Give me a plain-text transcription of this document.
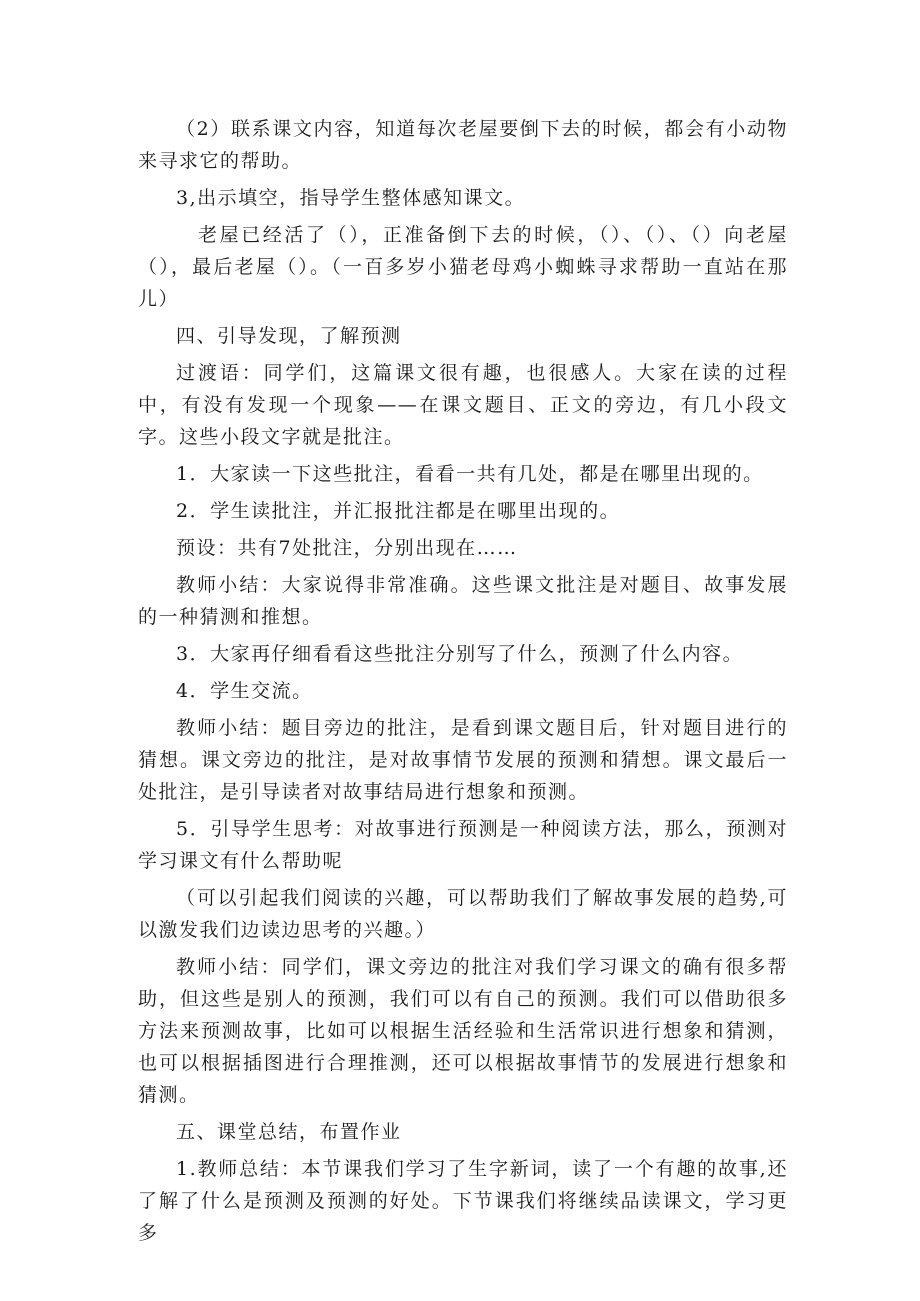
（2）联系课文内容，知道每次老屋要倒下去的时候，都会有小动物来寻求它的帮助。

3,出示填空，指导学生整体感知课文。

老屋已经活了（），正准备倒下去的时候，（）、（）、（）向老屋（），最后老屋（）。（一百多岁小猫老母鸡小蜘蛛寻求帮助一直站在那儿）

四、引导发现，了解预测

过渡语：同学们，这篇课文很有趣，也很感人。大家在读的过程中，有没有发现一个现象——在课文题目、正文的旁边，有几小段文字。这些小段文字就是批注。

1．大家读一下这些批注，看看一共有几处，都是在哪里出现的。

2．学生读批注，并汇报批注都是在哪里出现的。

预设：共有7处批注，分别出现在……

教师小结：大家说得非常准确。这些课文批注是对题目、故事发展的一种猜测和推想。

3．大家再仔细看看这些批注分别写了什么，预测了什么内容。

4．学生交流。

教师小结：题目旁边的批注，是看到课文题目后，针对题目进行的猜想。课文旁边的批注，是对故事情节发展的预测和猜想。课文最后一处批注，是引导读者对故事结局进行想象和预测。

5．引导学生思考：对故事进行预测是一种阅读方法，那么，预测对学习课文有什么帮助呢

（可以引起我们阅读的兴趣，可以帮助我们了解故事发展的趋势,可以激发我们边读边思考的兴趣。）

教师小结：同学们，课文旁边的批注对我们学习课文的确有很多帮助，但这些是别人的预测，我们可以有自己的预测。我们可以借助很多方法来预测故事，比如可以根据生活经验和生活常识进行想象和猜测，也可以根据插图进行合理推测，还可以根据故事情节的发展进行想象和猜测。

五、课堂总结，布置作业

1.教师总结：本节课我们学习了生字新词，读了一个有趣的故事,还了解了什么是预测及预测的好处。下节课我们将继续品读课文，学习更多
